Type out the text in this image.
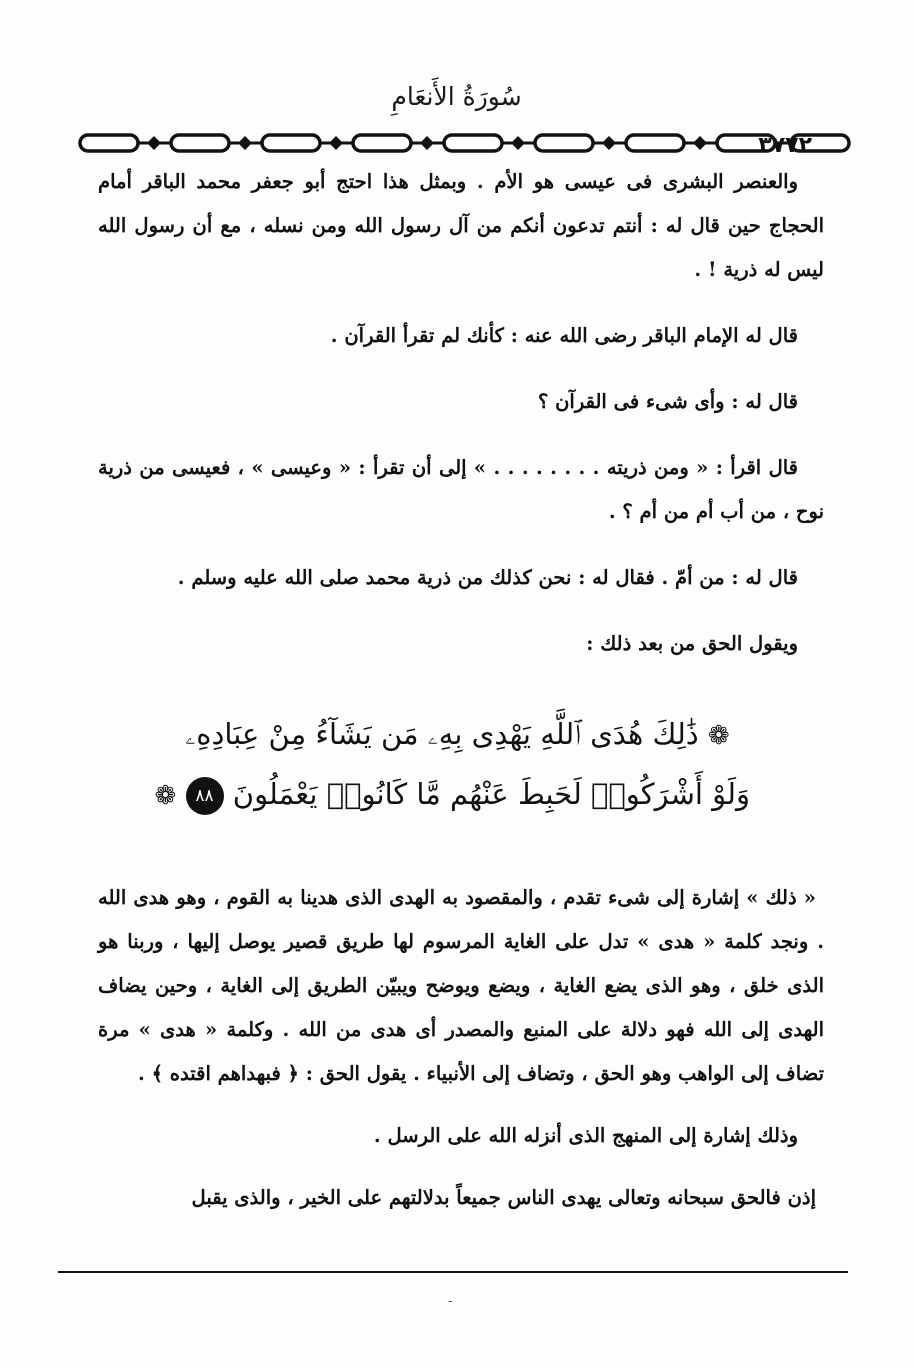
سُورَةُ الأَنعَامِ
٣٧٧٢

والعنصر البشرى فى عيسى هو الأم . وبمثل هذا احتج أبو جعفر محمد الباقر أمام الحجاج حين قال له : أنتم تدعون أنكم من آل رسول الله ومن نسله ، مع أن رسول الله ليس له ذرية ! .

قال له الإمام الباقر رضى الله عنه : كأنك لم تقرأ القرآن .

قال له : وأى شىء فى القرآن ؟

قال اقرأ : « ومن ذريته . . . . . . . . » إلى أن تقرأ : « وعيسى » ، فعيسى من ذرية نوح ، من أب أم من أم ؟ .

قال له : من أمّ . فقال له : نحن كذلك من ذرية محمد صلى الله عليه وسلم .

ويقول الحق من بعد ذلك :

❁ ذَٰلِكَ هُدَى ٱللَّهِ يَهْدِى بِهِۦ مَن يَشَآءُ مِنْ عِبَادِهِۦ
وَلَوْ أَشْرَكُوا۟ لَحَبِطَ عَنْهُم مَّا كَانُوا۟ يَعْمَلُونَ ٨٨ ❁

« ذلك » إشارة إلى شىء تقدم ، والمقصود به الهدى الذى هدينا به القوم ، وهو هدى الله . ونجد كلمة « هدى » تدل على الغاية المرسوم لها طريق قصير يوصل إليها ، وربنا هو الذى خلق ، وهو الذى يضع الغاية ، ويضع ويوضح ويبيّن الطريق إلى الغاية ، وحين يضاف الهدى إلى الله فهو دلالة على المنبع والمصدر أى هدى من الله . وكلمة « هدى » مرة تضاف إلى الواهب وهو الحق ، وتضاف إلى الأنبياء . يقول الحق : ﴿ فبهداهم اقتده ﴾ .

وذلك إشارة إلى المنهج الذى أنزله الله على الرسل .

إذن فالحق سبحانه وتعالى يهدى الناس جميعاً بدلالتهم على الخير ، والذى يقبل

-
